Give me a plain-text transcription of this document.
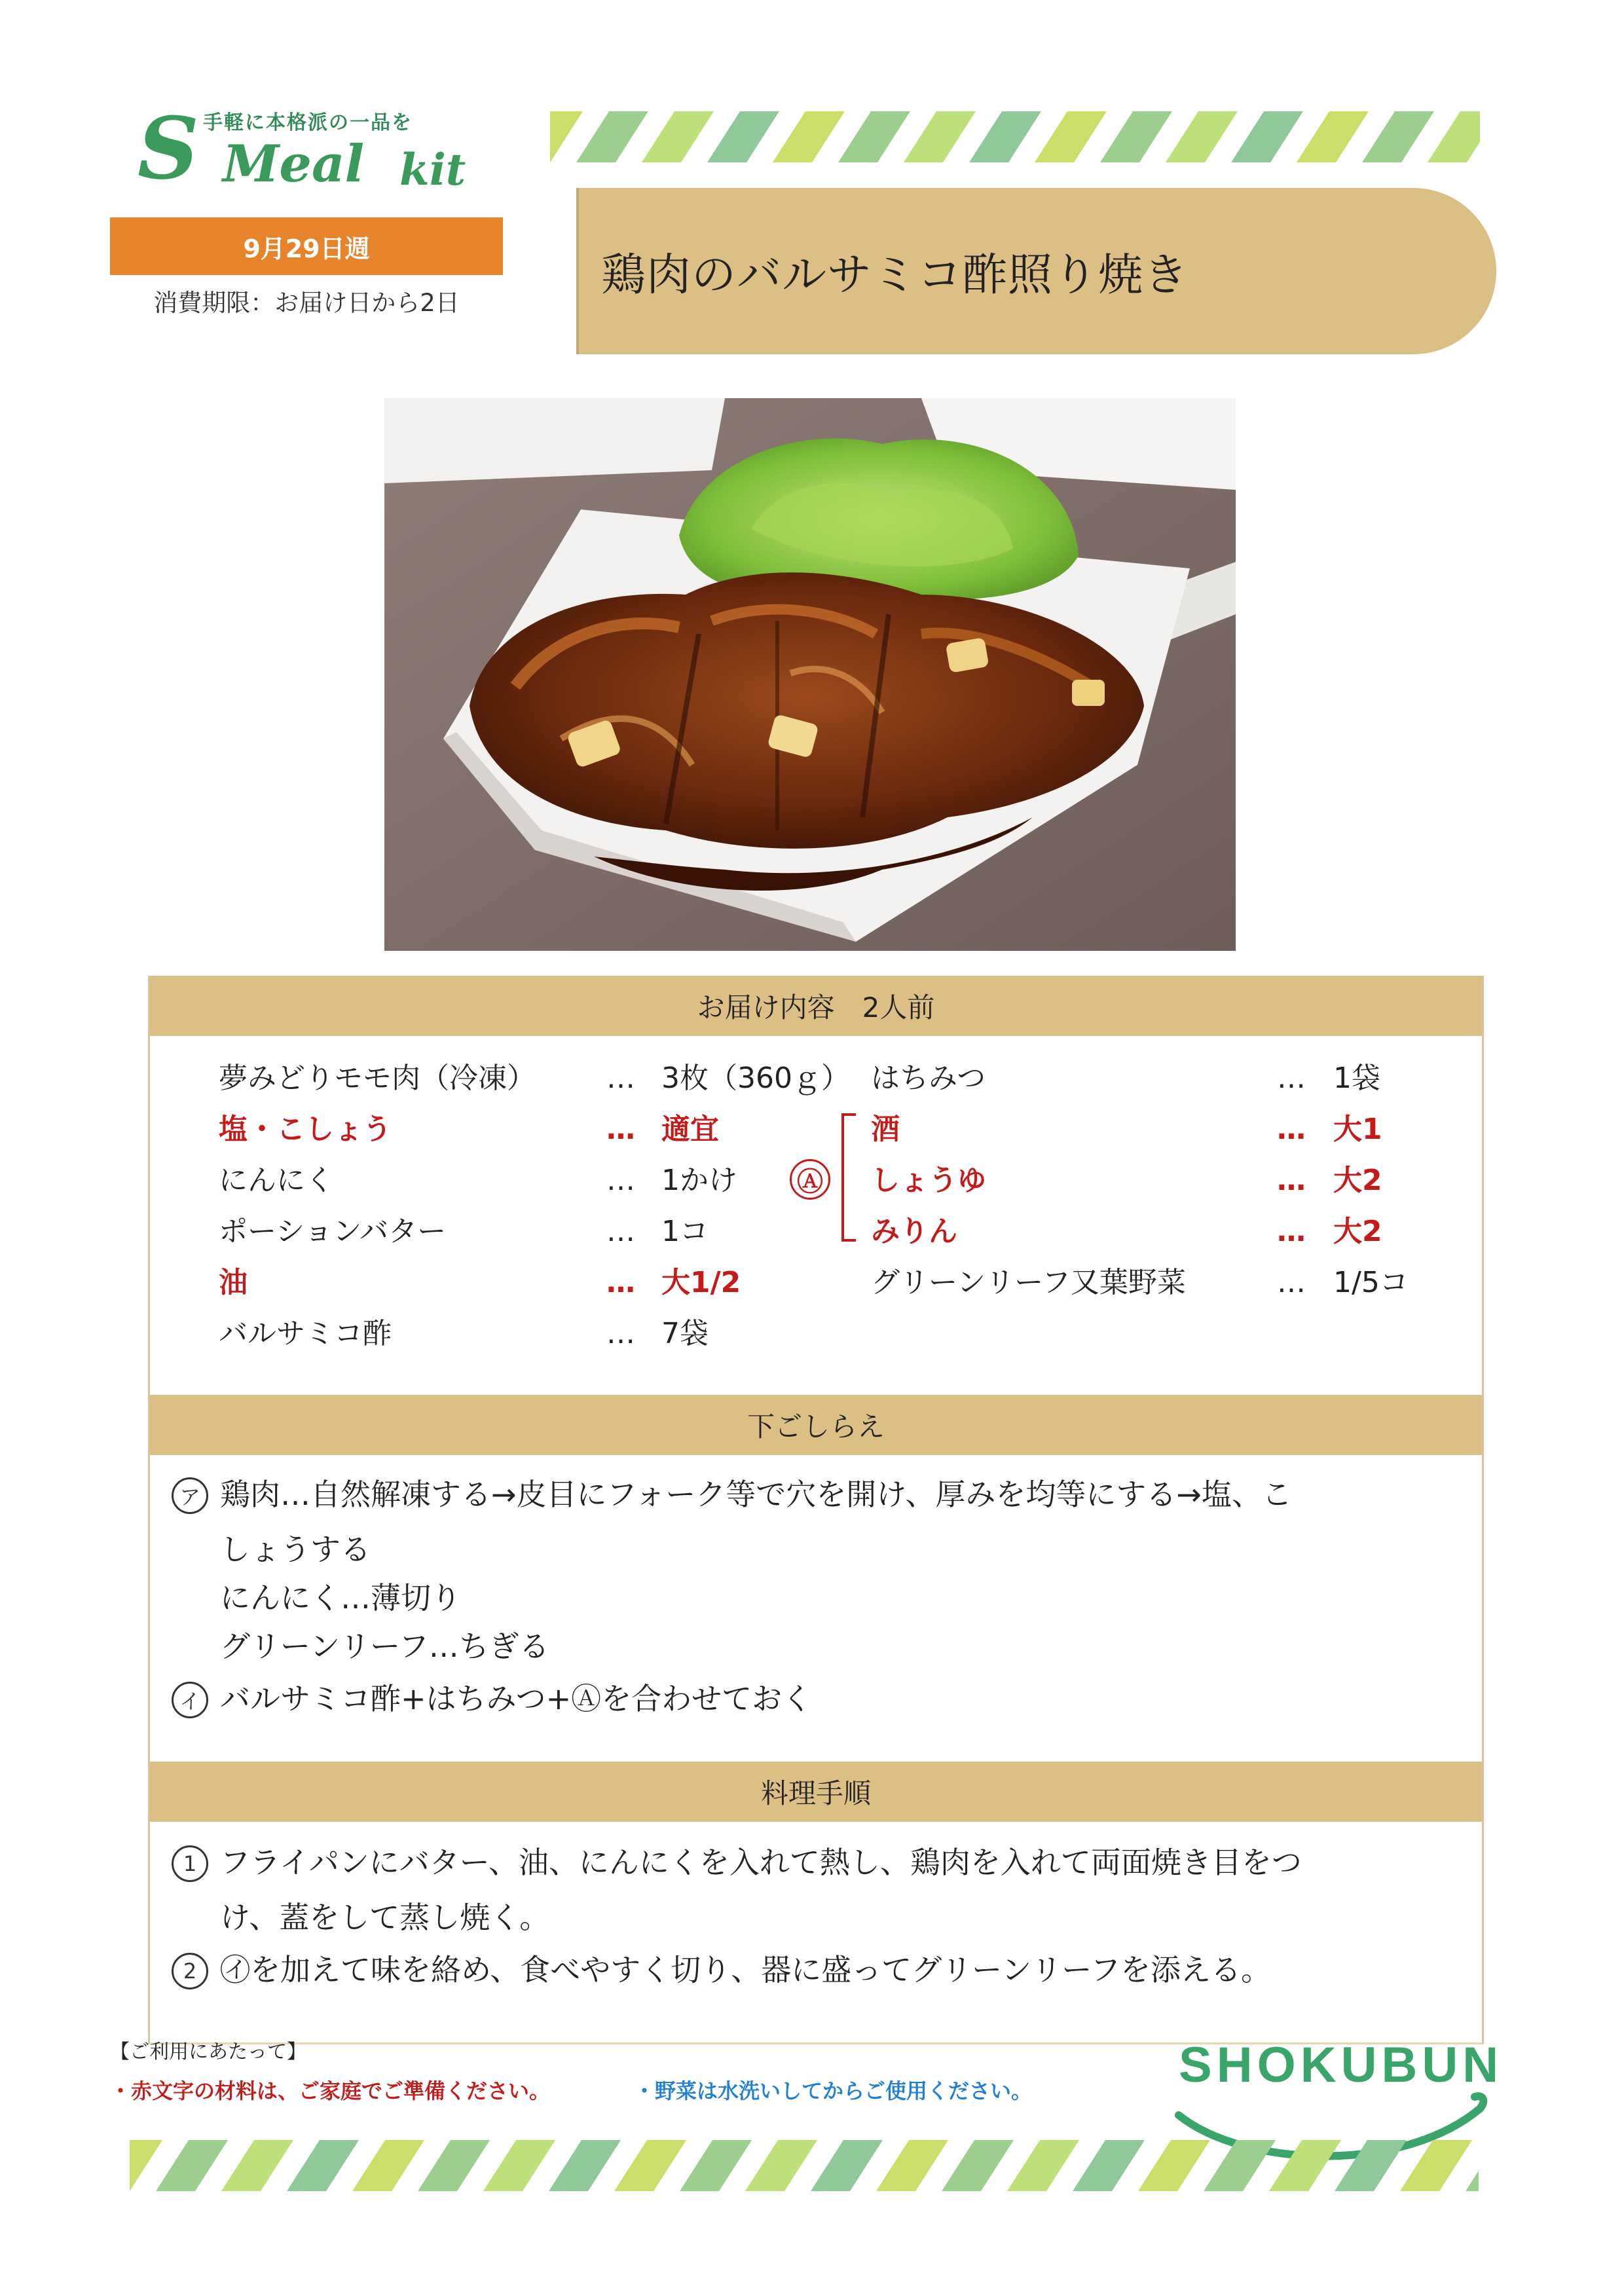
手軽に本格派の一品を
S Meal kit
9月29日週
消費期限：お届け日から2日
鶏肉のバルサミコ酢照り焼き
お届け内容　2人前
夢みどりモモ肉（冷凍） … 3枚（360ｇ）
塩・こしょう	… 適宜
にんにく	… 1かけ
ポーションバター	… 1コ
油	… 大1/2
バルサミコ酢	… 7袋
はちみつ	… 1袋
酒	… 大1
しょうゆ	… 大2
みりん	… 大2
グリーンリーフ又葉野菜	… 1/5コ
Ⓐ
下ごしらえ
ア 鶏肉…自然解凍する→皮目にフォーク等で穴を開け、厚みを均等にする→塩、こ
しょうする
にんにく…薄切り
グリーンリーフ…ちぎる
イ バルサミコ酢+はちみつ+Ⓐを合わせておく
料理手順
1 フライパンにバター、油、にんにくを入れて熱し、鶏肉を入れて両面焼き目をつ
け、蓋をして蒸し焼く。
2 ㋑を加えて味を絡め、食べやすく切り、器に盛ってグリーンリーフを添える。
【ご利用にあたって】
・赤文字の材料は、ご家庭でご準備ください。	・野菜は水洗いしてからご使用ください。	SHOKUBUN
